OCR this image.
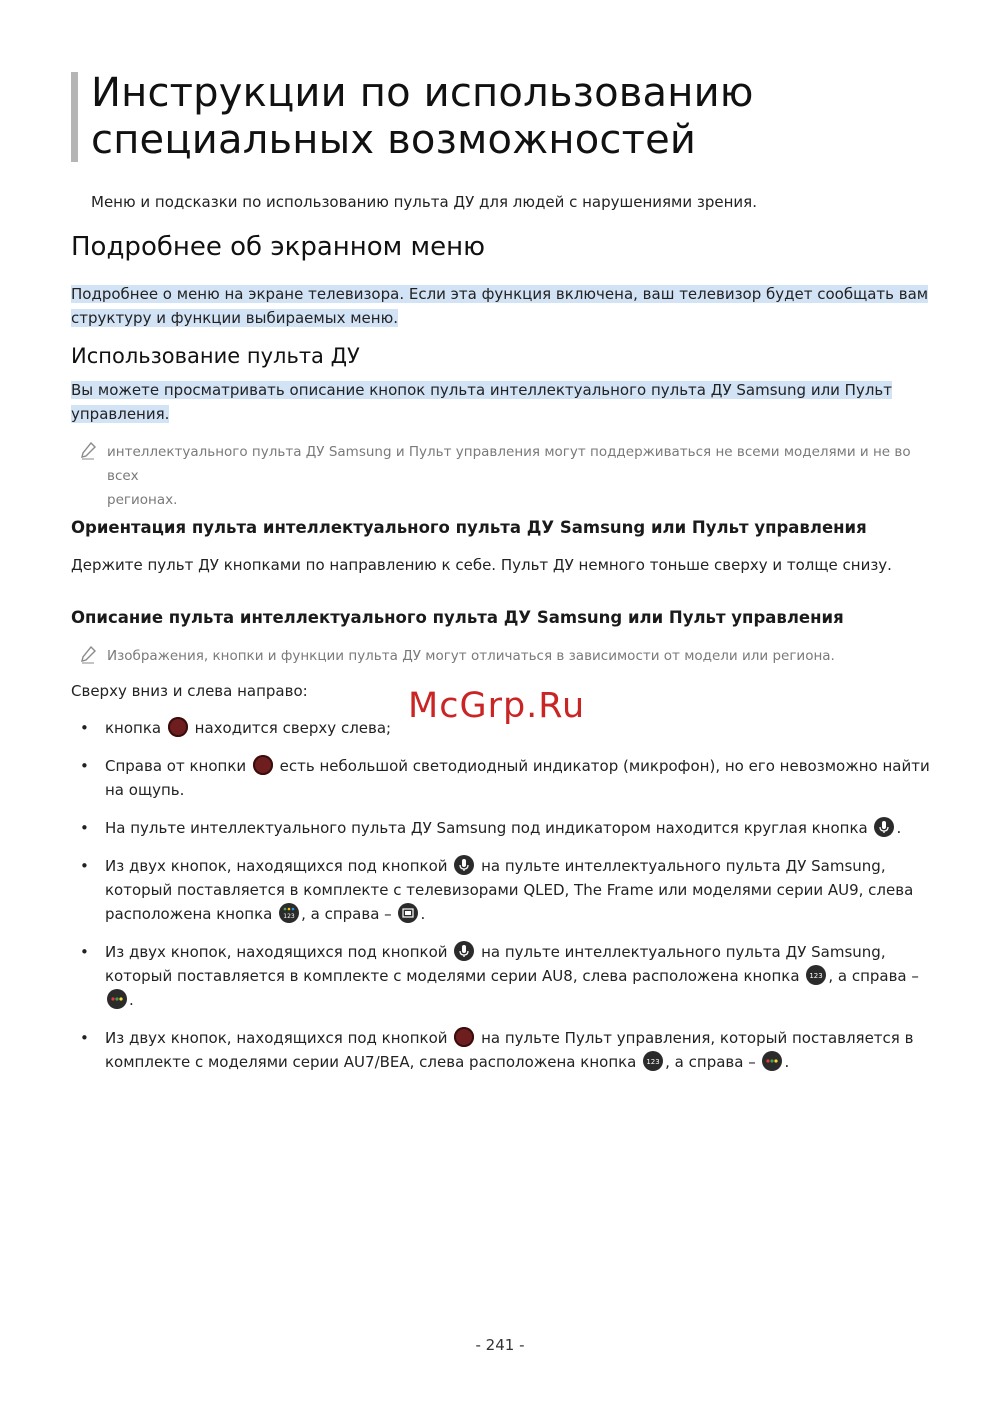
Инструкции по использованию
специальных возможностей

Меню и подсказки по использованию пульта ДУ для людей с нарушениями зрения.

Подробнее об экранном меню

Подробнее о меню на экране телевизора. Если эта функция включена, ваш телевизор будет сообщать вам
структуру и функции выбираемых меню.

Использование пульта ДУ

Вы можете просматривать описание кнопок пульта интеллектуального пульта ДУ Samsung или Пульт
управления.

интеллектуального пульта ДУ Samsung и Пульт управления могут поддерживаться не всеми моделями и не во всех
регионах.
Ориентация пульта интеллектуального пульта ДУ Samsung или Пульт управления

Держите пульт ДУ кнопками по направлению к себе. Пульт ДУ немного тоньше сверху и толще снизу.

Описание пульта интеллектуального пульта ДУ Samsung или Пульт управления
Изображения, кнопки и функции пульта ДУ могут отличаться в зависимости от модели или региона.

Сверху вниз и слева направо:

• кнопка  находится сверху слева;
• Справа от кнопки  есть небольшой светодиодный индикатор (микрофон), но его невозможно найти на ощупь.
• На пульте интеллектуального пульта ДУ Samsung под индикатором находится круглая кнопка
.
• Из двух кнопок, находящихся под кнопкой
на пульте интеллектуального пульта ДУ Samsung, который поставляется в комплекте с телевизорами QLED, The Frame или моделями серии AU9, слева расположена кнопка 123 , а справа –
.
• Из двух кнопок, находящихся под кнопкой
на пульте интеллектуального пульта ДУ Samsung, который поставляется в комплекте с моделями серии AU8, слева расположена кнопка 123 , а справа –
.
• Из двух кнопок, находящихся под кнопкой  на пульте Пульт управления, который поставляется в комплекте с моделями серии AU7/BEA, слева расположена кнопка 123 , а справа –
.
McGrp.Ru
- 241 -
